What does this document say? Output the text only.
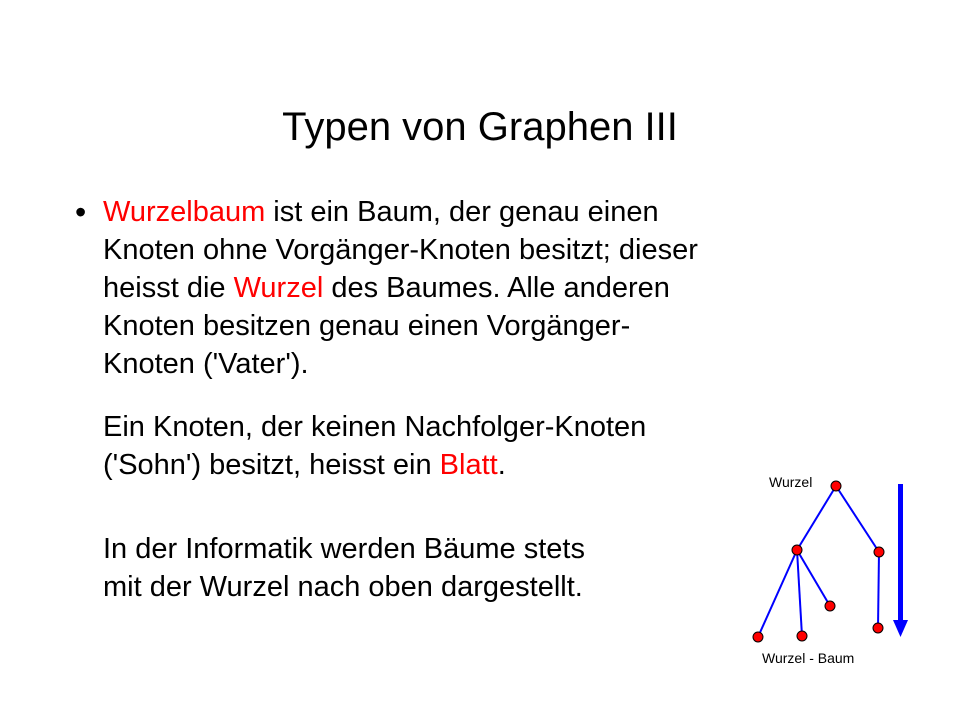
Typen von Graphen III
• Wurzelbaum ist ein Baum, der genau einen
Knoten ohne Vorgänger-Knoten besitzt; dieser
heisst die Wurzel des Baumes. Alle anderen
Knoten besitzen genau einen Vorgänger-
Knoten ('Vater').
Ein Knoten, der keinen Nachfolger-Knoten
('Sohn') besitzt, heisst ein Blatt.
In der Informatik werden Bäume stets
mit der Wurzel nach oben dargestellt.
Wurzel
Wurzel - Baum
